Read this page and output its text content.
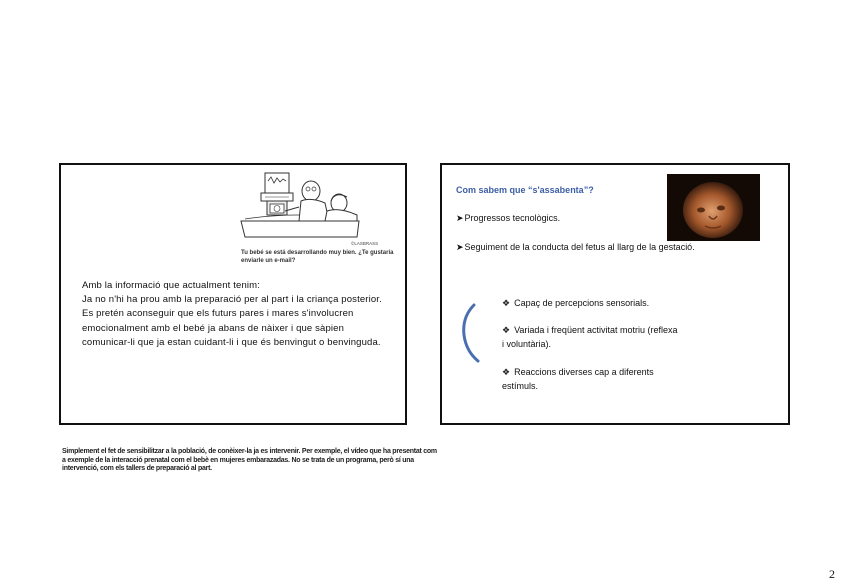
©LASBRASS
Tu bebé se está desarrollando muy bien. ¿Te gustaría enviarle un e-mail?

Amb la informació que actualment tenim:

Ja no n'hi ha prou amb la preparació per al part i la criança posterior.

Es pretén aconseguir que els futurs pares i mares s'involucren emocionalment amb el bebé ja abans de nàixer i que sàpien comunicar-li que ja estan cuidant-li i que és benvingut o benvinguda.

Com sabem que “s'assabenta”?
➤Progressos tecnològics.
➤Seguiment de la conducta del fetus al llarg de la gestació.
❖ Capaç de percepcions sensorials.
❖ Variada i freqüent activitat motriu (reflexa i voluntària).
❖ Reaccions diverses cap a diferents estímuls.
Simplement el fet de sensibilitzar a la població, de conèixer-la ja es intervenir. Per exemple, el vídeo que ha presentat com a exemple de la interacció prenatal com el bebè en mujeres embarazadas. No se trata de un programa, però sí una intervenció, com els tallers de preparació al part.
2
